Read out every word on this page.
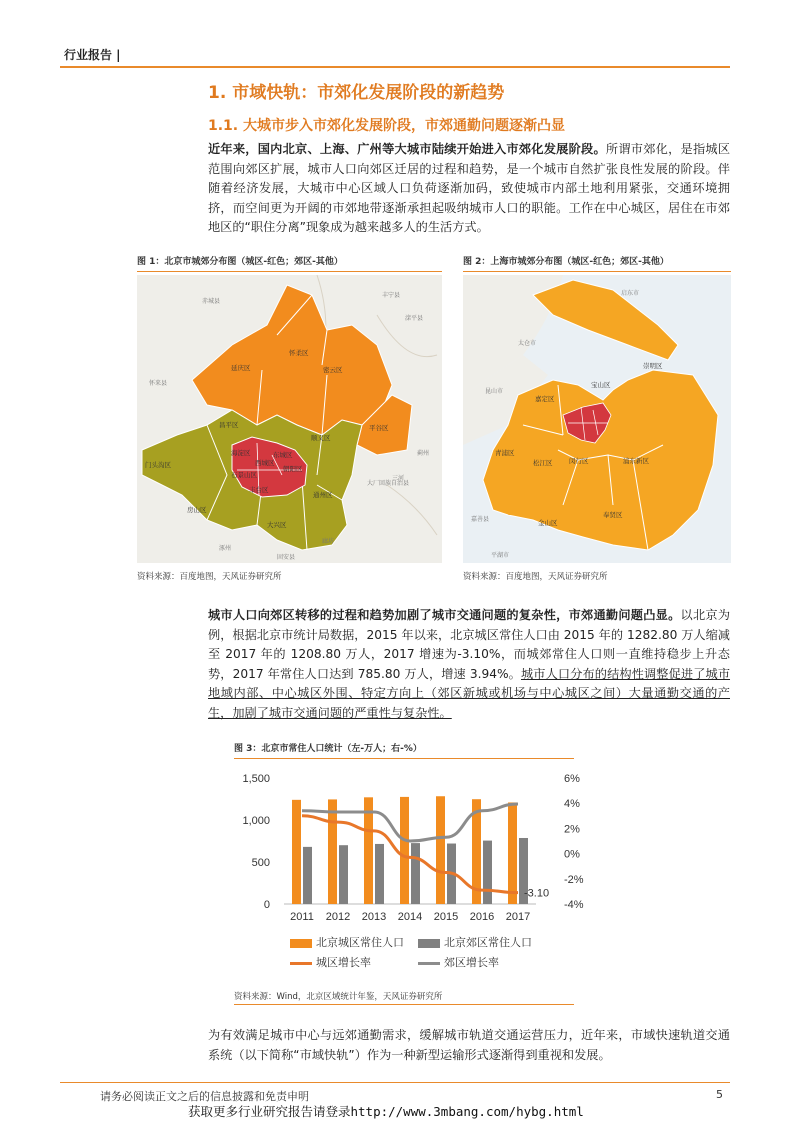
行业报告 |
1. 市域快轨：市郊化发展阶段的新趋势
1.1. 大城市步入市郊化发展阶段，市郊通勤问题逐渐凸显
近年来，国内北京、上海、广州等大城市陆续开始进入市郊化发展阶段。所谓市郊化，是指城区范围向郊区扩展，城市人口向郊区迁居的过程和趋势，是一个城市自然扩张良性发展的阶段。伴随着经济发展，大城市中心区域人口负荷逐渐加码，致使城市内部土地利用紧张，交通环境拥挤，而空间更为开阔的市郊地带逐渐承担起吸纳城市人口的职能。工作在中心城区，居住在市郊地区的“职住分离”现象成为越来越多人的生活方式。
图 1：北京市城郊分布图（城区-红色；郊区-其他）
延庆区
怀柔区
密云区
平谷区
昌平区
顺义区
门头沟区
海淀区
石景山区
西城区
东城区
朝阳区
丰台区
房山区
大兴区
通州区
赤城县
丰宁县
滦平县
怀来县
蓟州
三河
大厂回族自治县
涿州
廊坊
固安县
资料来源：百度地图，天风证券研究所
图 2：上海市城郊分布图（城区-红色；郊区-其他）
崇明区
宝山区
嘉定区
青浦区
松江区	闵行区	浦东新区
奉贤区
金山区
启东市
太仓市
昆山市
嘉善县
平湖市
资料来源：百度地图，天风证券研究所
城市人口向郊区转移的过程和趋势加剧了城市交通问题的复杂性，市郊通勤问题凸显。以北京为例，根据北京市统计局数据，2015 年以来，北京城区常住人口由 2015 年的 1282.80 万人缩减至 2017 年的 1208.80 万人，2017 增速为-3.10%，而城郊常住人口则一直维持稳步上升态势，2017 年常住人口达到 785.80 万人，增速 3.94%。城市人口分布的结构性调整促进了城市地域内部、中心城区外围、特定方向上（郊区新城或机场与中心城区之间）大量通勤交通的产生，加剧了城市交通问题的严重性与复杂性。
图 3：北京市常住人口统计（左-万人；右-%）
0
500
1,000
1,500
-4%
-2%
0%
2%
4%
6%
2011 2012 2013 2014 2015 2016 2017
-3.10
北京城区常住人口	北京郊区常住人口
城区增长率	郊区增长率
资料来源：Wind，北京区域统计年鉴，天风证券研究所
为有效满足城市中心与远郊通勤需求，缓解城市轨道交通运营压力，近年来，市域快速轨道交通系统（以下简称“市域快轨”）作为一种新型运输形式逐渐得到重视和发展。
请务必阅读正文之后的信息披露和免责申明	5
获取更多行业研究报告请登录http://www.3mbang.com/hybg.html
